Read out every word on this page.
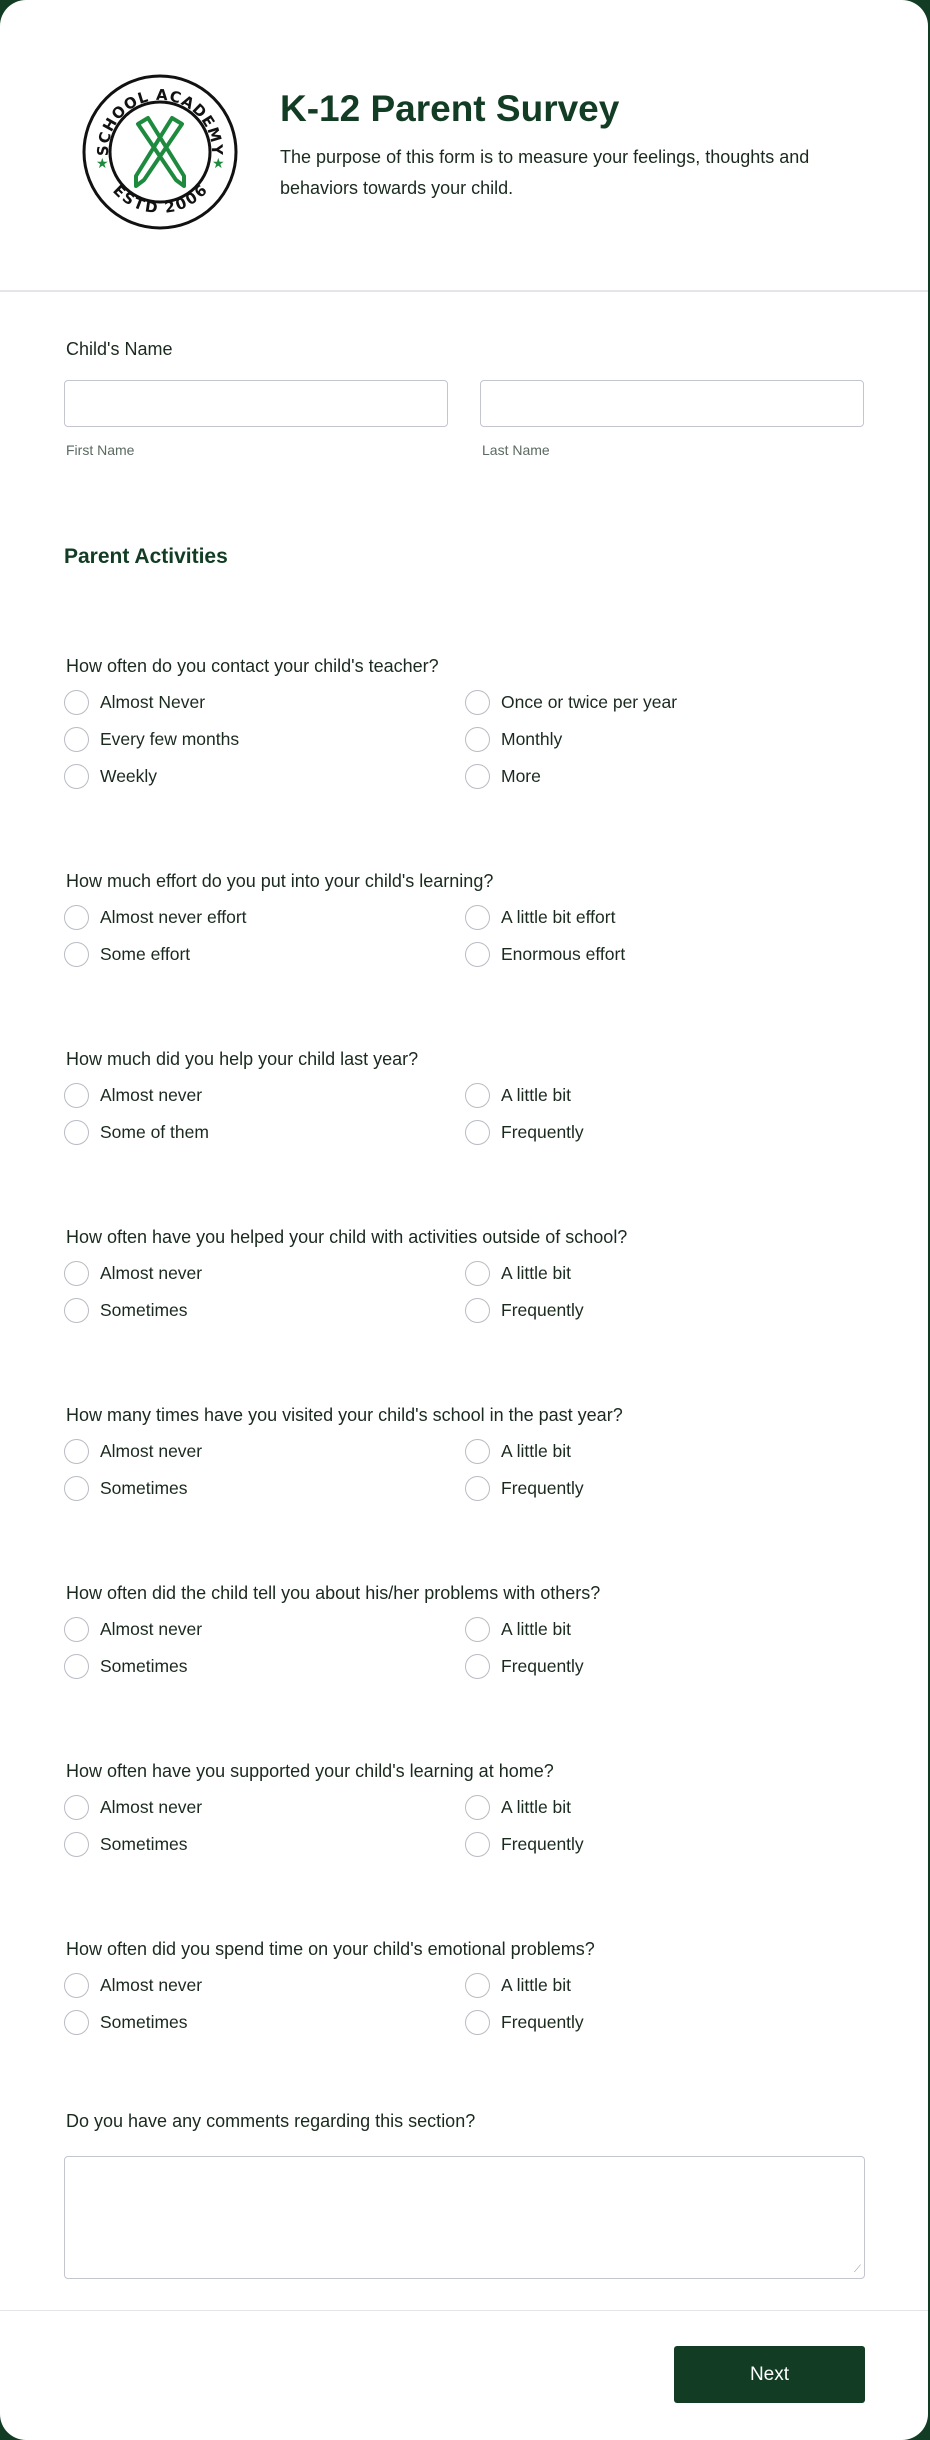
SCHOOL ACADEMY
ESTD 2006
★	★
K-12 Parent Survey
The purpose of this form is to measure your feelings, thoughts and behaviors towards your child.
Child's Name
First Name	Last Name
Parent Activities
How often do you contact your child's teacher?
Almost Never	Once or twice per year
Every few months	Monthly
Weekly	More
How much effort do you put into your child's learning?
Almost never effort	A little bit effort
Some effort	Enormous effort
How much did you help your child last year?
Almost never	A little bit
Some of them	Frequently
How often have you helped your child with activities outside of school?
Almost never	A little bit
Sometimes	Frequently
How many times have you visited your child's school in the past year?
Almost never	A little bit
Sometimes	Frequently
How often did the child tell you about his/her problems with others?
Almost never	A little bit
Sometimes	Frequently
How often have you supported your child's learning at home?
Almost never	A little bit
Sometimes	Frequently
How often did you spend time on your child's emotional problems?
Almost never	A little bit
Sometimes	Frequently
Do you have any comments regarding this section?
⟋
Next
